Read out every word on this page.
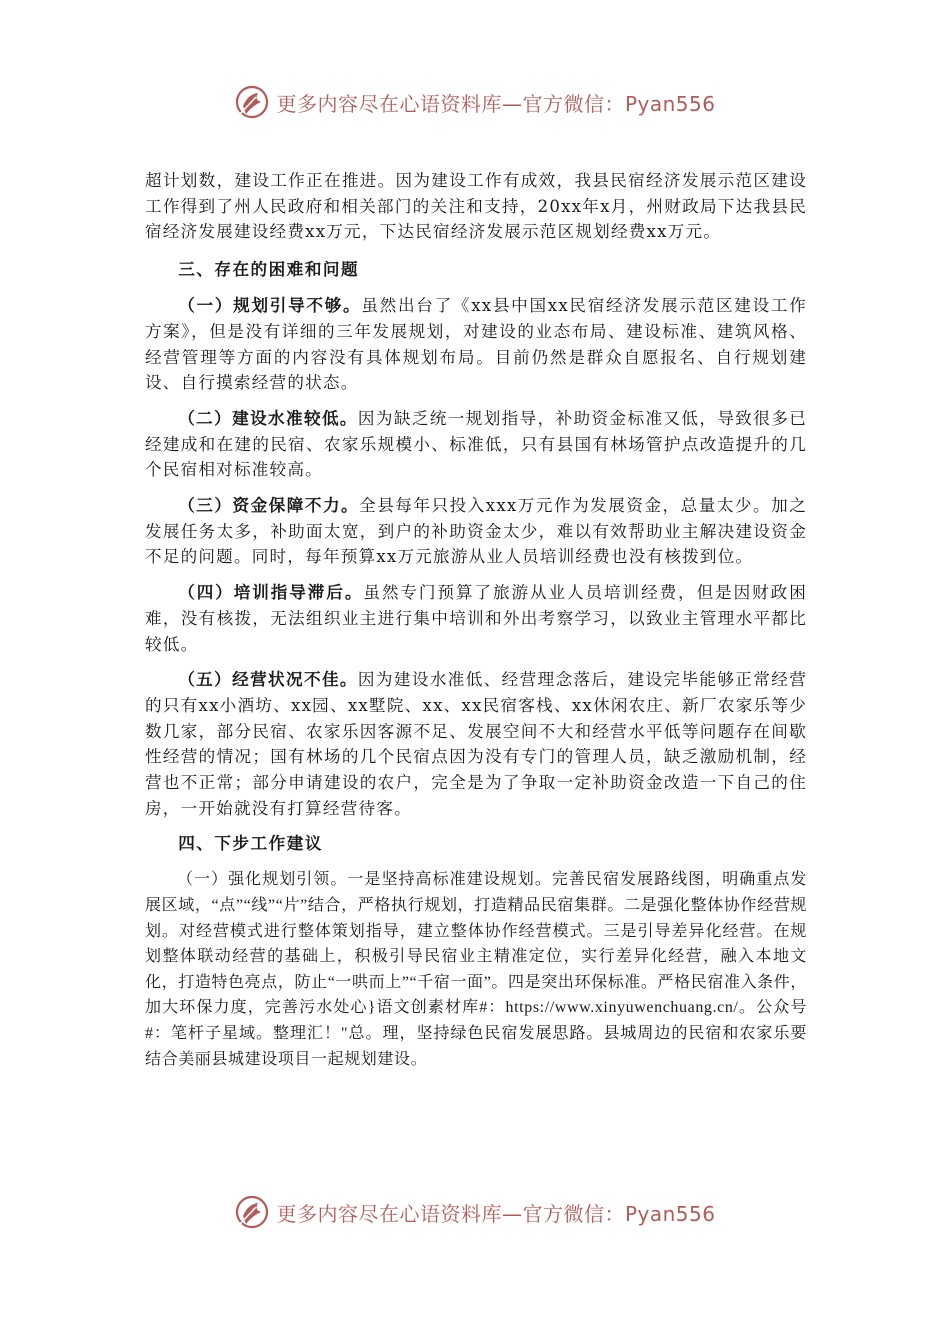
更多内容尽在心语资料库—官方微信：Pyan556

超计划数，建设工作正在推进。因为建设工作有成效，我县民宿经济发展示范区建设工作得到了州人民政府和相关部门的关注和支持，20xx年x月，州财政局下达我县民宿经济发展建设经费xx万元，下达民宿经济发展示范区规划经费xx万元。

三、存在的困难和问题

（一）规划引导不够。虽然出台了《xx县中国xx民宿经济发展示范区建设工作方案》，但是没有详细的三年发展规划，对建设的业态布局、建设标准、建筑风格、经营管理等方面的内容没有具体规划布局。目前仍然是群众自愿报名、自行规划建设、自行摸索经营的状态。

（二）建设水准较低。因为缺乏统一规划指导，补助资金标准又低，导致很多已经建成和在建的民宿、农家乐规模小、标准低，只有县国有林场管护点改造提升的几个民宿相对标准较高。

（三）资金保障不力。全县每年只投入xxx万元作为发展资金，总量太少。加之发展任务太多，补助面太宽，到户的补助资金太少，难以有效帮助业主解决建设资金不足的问题。同时，每年预算xx万元旅游从业人员培训经费也没有核拨到位。

（四）培训指导滞后。虽然专门预算了旅游从业人员培训经费，但是因财政困难，没有核拨，无法组织业主进行集中培训和外出考察学习，以致业主管理水平都比较低。

（五）经营状况不佳。因为建设水准低、经营理念落后，建设完毕能够正常经营的只有xx小酒坊、xx园、xx墅院、xx、xx民宿客栈、xx休闲农庄、新厂农家乐等少数几家，部分民宿、农家乐因客源不足、发展空间不大和经营水平低等问题存在间歇性经营的情况；国有林场的几个民宿点因为没有专门的管理人员，缺乏激励机制，经营也不正常；部分申请建设的农户，完全是为了争取一定补助资金改造一下自己的住房，一开始就没有打算经营待客。

四、下步工作建议

（一）强化规划引领。一是坚持高标准建设规划。完善民宿发展路线图，明确重点发展区域，“点”“线”“片”结合，严格执行规划，打造精品民宿集群。二是强化整体协作经营规划。对经营模式进行整体策划指导，建立整体协作经营模式。三是引导差异化经营。在规划整体联动经营的基础上，积极引导民宿业主精准定位，实行差异化经营，融入本地文化，打造特色亮点，防止“一哄而上”“千宿一面”。四是突出环保标准。严格民宿准入条件，加大环保力度，完善污水处心}语文创素材库#：https://www.xinyuwenchuang.cn/。公众号#：笔杆子星域。整理汇！"总。理，坚持绿色民宿发展思路。县城周边的民宿和农家乐要结合美丽县城建设项目一起规划建设。

更多内容尽在心语资料库—官方微信：Pyan556
